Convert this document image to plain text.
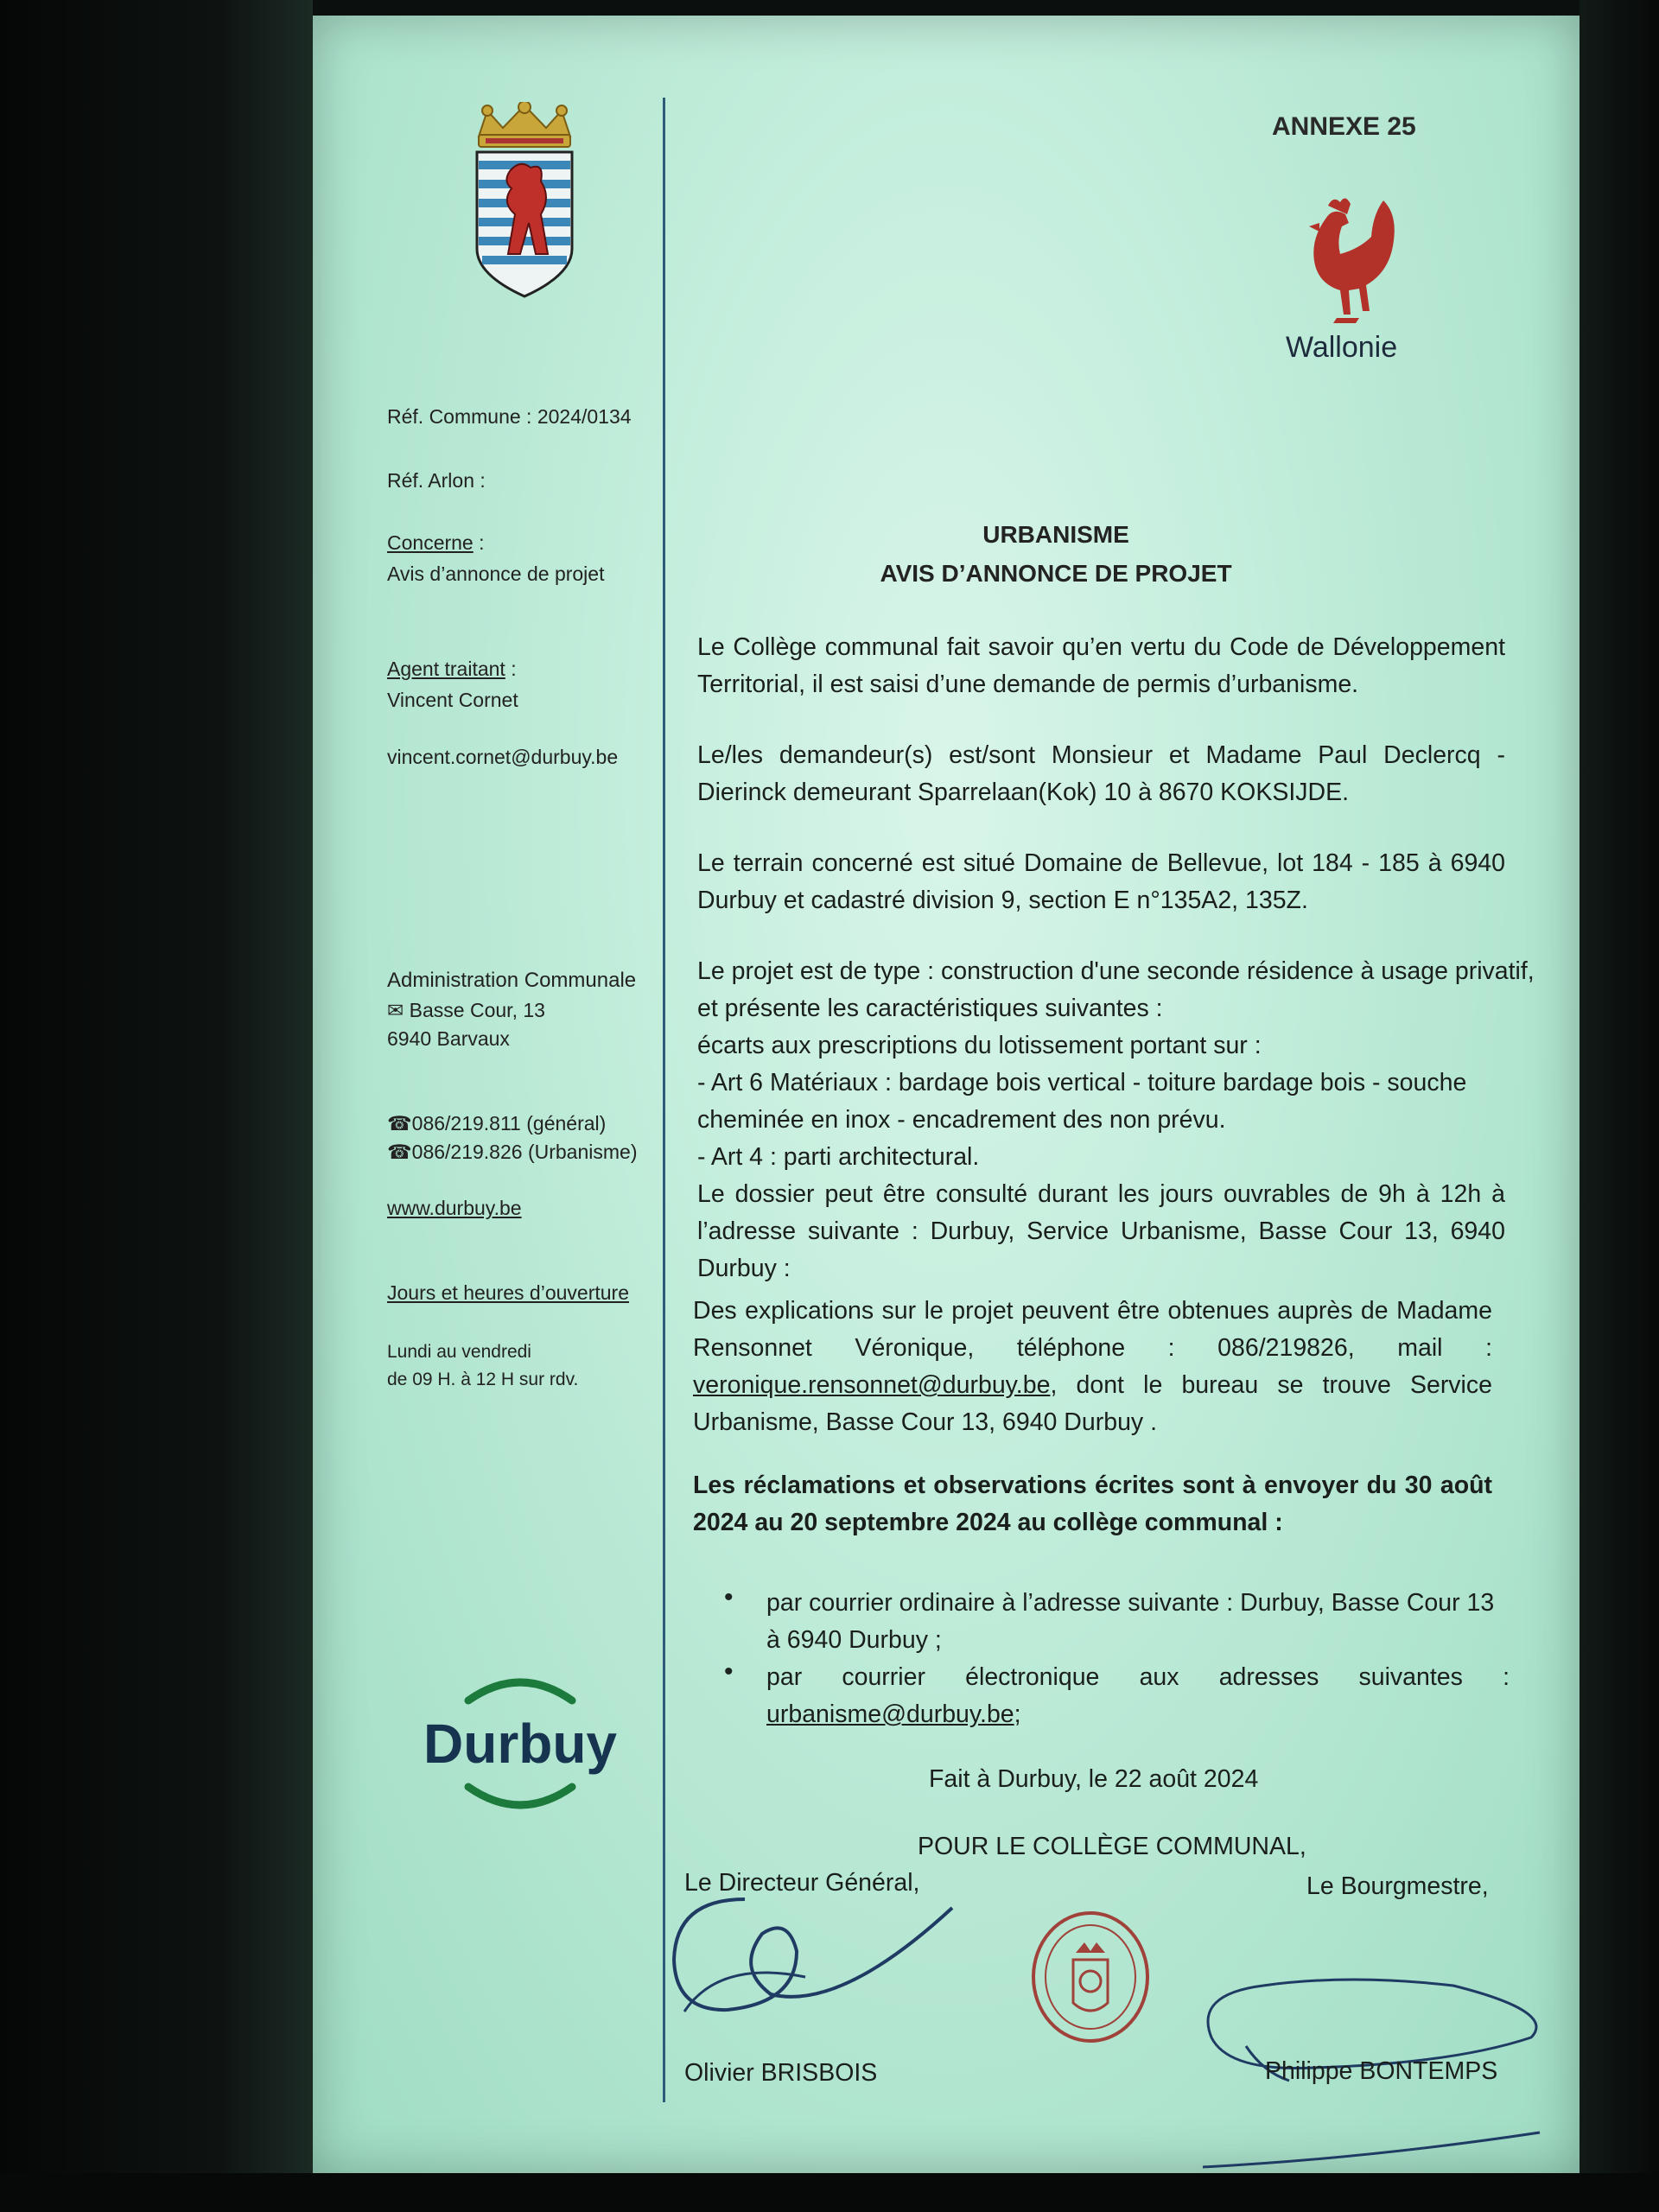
Réf. Commune : 2024/0134
Réf. Arlon :
Concerne :
Avis d’annonce de projet
Agent traitant :
Vincent Cornet
vincent.cornet@durbuy.be
Administration Communale
✉ Basse Cour, 13
6940 Barvaux
☎086/219.811 (général)
☎086/219.826 (Urbanisme)
www.durbuy.be
Jours et heures d’ouverture
Lundi au vendredi
de 09 H. à 12 H sur rdv.
Durbuy
ANNEXE 25
Wallonie
URBANISME
AVIS D’ANNONCE DE PROJET
Le Collège communal fait savoir qu’en vertu du Code de Développement Territorial, il est saisi d’une demande de permis d’urbanisme.
Le/les demandeur(s) est/sont Monsieur et Madame Paul Declercq - Dierinck demeurant Sparrelaan(Kok) 10 à 8670 KOKSIJDE.
Le terrain concerné est situé Domaine de Bellevue, lot 184 - 185 à 6940 Durbuy et cadastré division 9, section E n°135A2, 135Z.
Le projet est de type : construction d'une seconde résidence à usage privatif,
et présente les caractéristiques suivantes :
écarts aux prescriptions du lotissement portant sur :
- Art 6 Matériaux : bardage bois vertical - toiture bardage bois - souche
cheminée en inox - encadrement des non prévu.
- Art 4 : parti architectural.
Le dossier peut être consulté durant les jours ouvrables de 9h à 12h à l’adresse suivante : Durbuy, Service Urbanisme, Basse Cour 13, 6940 Durbuy :
Des explications sur le projet peuvent être obtenues auprès de Madame Rensonnet Véronique, téléphone : 086/219826, mail : veronique.rensonnet@durbuy.be, dont le bureau se trouve Service Urbanisme, Basse Cour 13, 6940 Durbuy .
Les réclamations et observations écrites sont à envoyer du 30 août 2024 au 20 septembre 2024 au collège communal :
• par courrier ordinaire à l’adresse suivante : Durbuy, Basse Cour 13 à 6940 Durbuy ;
• par courrier électronique aux adresses suivantes : urbanisme@durbuy.be;
Fait à Durbuy, le 22 août 2024
POUR LE COLLÈGE COMMUNAL,
Le Directeur Général,	Le Bourgmestre,
Olivier BRISBOIS	Philippe BONTEMPS
